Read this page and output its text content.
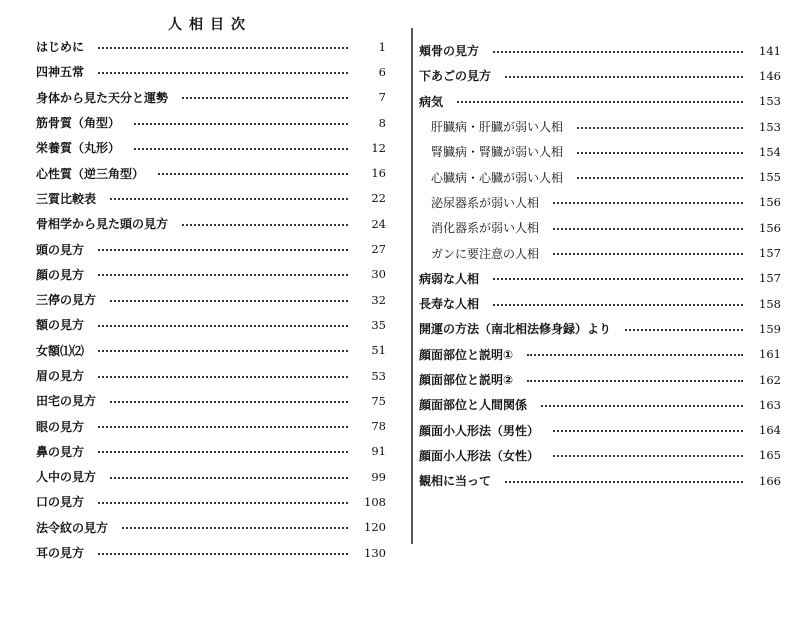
人相目次
はじめに	1
四神五常	6
身体から見た天分と運勢	7
筋骨質（角型）	8
栄養質（丸形）	12
心性質（逆三角型）	16
三質比較表	22
骨相学から見た頭の見方	24
頭の見方	27
顔の見方	30
三停の見方	32
額の見方	35
女額⑴⑵	51
眉の見方	53
田宅の見方	75
眼の見方	78
鼻の見方	91
人中の見方	99
口の見方	108
法令紋の見方	120
耳の見方	130
頬骨の見方	141
下あごの見方	146
病気	153
肝臓病・肝臓が弱い人相	153
腎臓病・腎臓が弱い人相	154
心臓病・心臓が弱い人相	155
泌尿器系が弱い人相	156
消化器系が弱い人相	156
ガンに要注意の人相	157
病弱な人相	157
長寿な人相	158
開運の方法（南北相法修身録）より	159
顔面部位と説明①	161
顔面部位と説明②	162
顔面部位と人間関係	163
顔面小人形法（男性）	164
顔面小人形法（女性）	165
観相に当って	166
